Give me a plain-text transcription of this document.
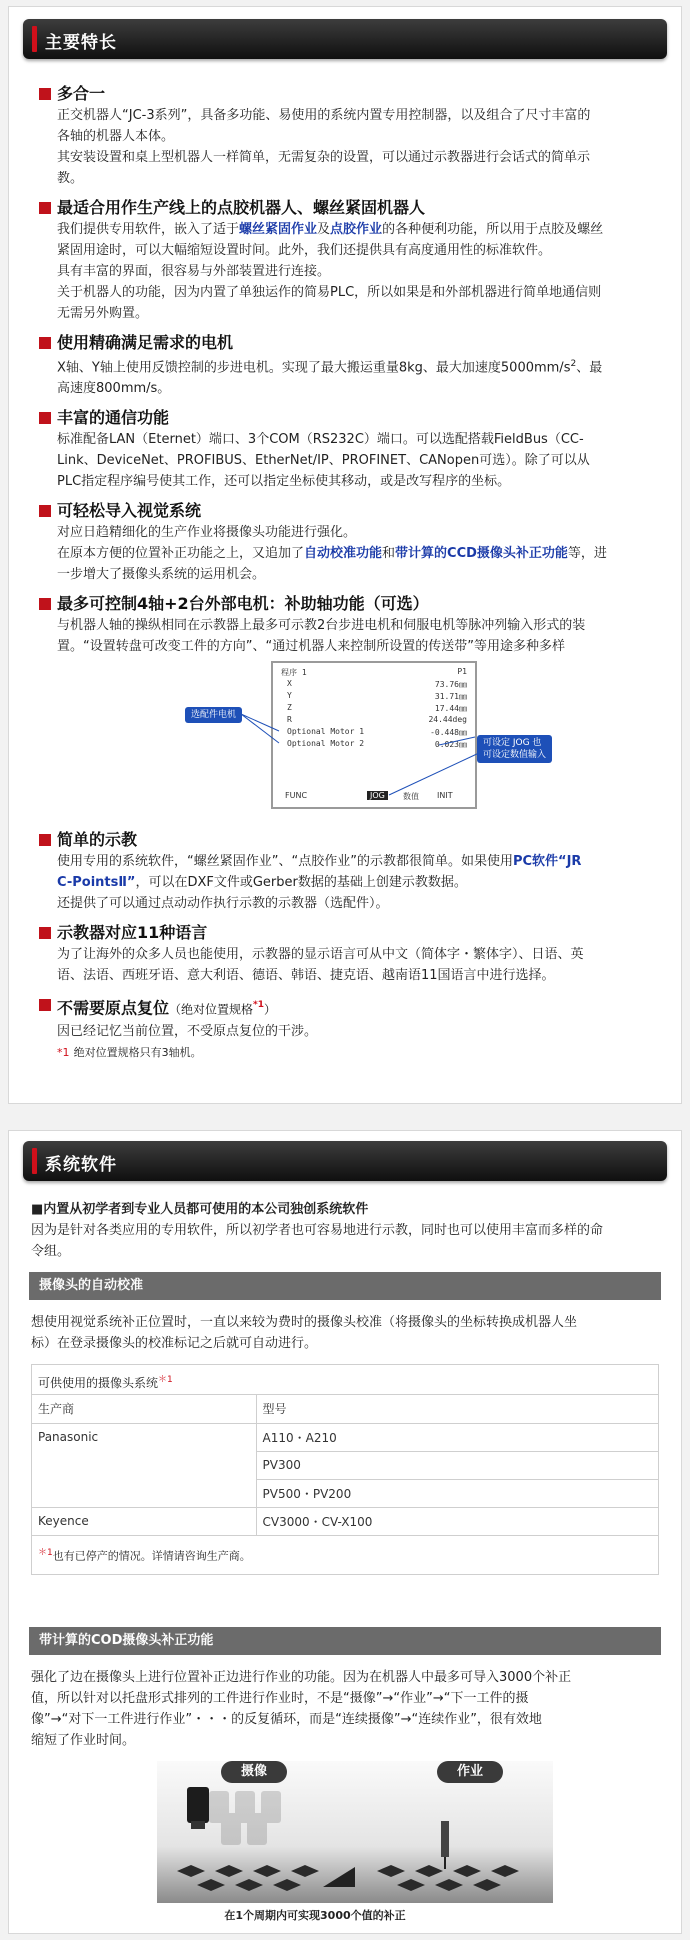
主要特长
多合一
正交机器人“JC-3系列”，具备多功能、易使用的系统内置专用控制器，以及组合了尺寸丰富的
各轴的机器人本体。
其安装设置和桌上型机器人一样简单，无需复杂的设置，可以通过示教器进行会话式的简单示
教。
最适合用作生产线上的点胶机器人、螺丝紧固机器人
我们提供专用软件，嵌入了适于螺丝紧固作业及点胶作业的各种便利功能，所以用于点胶及螺丝
紧固用途时，可以大幅缩短设置时间。此外，我们还提供具有高度通用性的标准软件。
具有丰富的界面，很容易与外部装置进行连接。
关于机器人的功能，因为内置了单独运作的简易PLC，所以如果是和外部机器进行简单地通信则
无需另外购置。
使用精确满足需求的电机
X轴、Y轴上使用反馈控制的步进电机。实现了最大搬运重量8kg、最大加速度$5000mm/s^2$、最
高速度800mm/s。
丰富的通信功能
标准配备LAN（Eternet）端口、3个COM（RS232C）端口。可以选配搭载FieldBus（CC-
Link、DeviceNet、PROFIBUS、EtherNet/IP、PROFINET、CANopen可选）。除了可以从
PLC指定程序编号使其工作，还可以指定坐标使其移动，或是改写程序的坐标。
可轻松导入视觉系统
对应日趋精细化的生产作业将摄像头功能进行强化。
在原本方便的位置补正功能之上，又追加了自动校准功能和带计算的CCD摄像头补正功能等，进
一步增大了摄像头系统的运用机会。
最多可控制4轴+2台外部电机：补助轴功能（可选）
与机器人轴的操纵相同在示教器上最多可示教2台步进电机和伺服电机等脉冲列输入形式的装
置。“设置转盘可改变工件的方向”、“通过机器人来控制所设置的传送带”等用途多种多样
程序 1	P1
X	73.76㎜
Y	31.71㎜
Z	17.44㎜
R	24.44deg
Optional Motor 1	-0.448㎜
Optional Motor 2	0.023㎜
FUNC	JOG	数值 INIT
选配件电机
可设定 JOG 也
可设定数值输入
简单的示教
使用专用的系统软件，“螺丝紧固作业”、“点胶作业”的示教都很简单。如果使用PC软件“JR
C-PointsⅡ”，可以在DXF文件或Gerber数据的基础上创建示教数据。
还提供了可以通过点动动作执行示教的示教器（选配件）。
示教器对应11种语言
为了让海外的众多人员也能使用，示教器的显示语言可从中文（简体字・繁体字）、日语、英
语、法语、西班牙语、意大利语、德语、韩语、捷克语、越南语11国语言中进行选择。
不需要原点复位（绝对位置规格$^{*1}$）
因已经记忆当前位置，不受原点复位的干涉。
*1 绝对位置规格只有3轴机。
系统软件
■内置从初学者到专业人员都可使用的本公司独创系统软件
因为是针对各类应用的专用软件，所以初学者也可容易地进行示教，同时也可以使用丰富而多样的命
令组。
摄像头的自动校准
想使用视觉系统补正位置时，一直以来较为费时的摄像头校准（将摄像头的坐标转换成机器人坐
标）在登录摄像头的校准标记之后就可自动进行。
可供使用的摄像头系统$^{*1}$
生产商	型号
Panasonic	A110・A210
	PV300
	PV500・PV200
Keyence	CV3000・CV-X100
$^{*1}$也有已停产的情况。详情请咨询生产商。
带计算的COD摄像头补正功能
强化了边在摄像头上进行位置补正边进行作业的功能。因为在机器人中最多可导入3000个补正
值，所以针对以托盘形式排列的工件进行作业时，不是“摄像”→“作业”→“下一工件的摄
像”→“对下一工件进行作业”・・・的反复循环，而是“连续摄像”→“连续作业”，很有效地
缩短了作业时间。
摄像	作业
在1个周期内可实现3000个值的补正
